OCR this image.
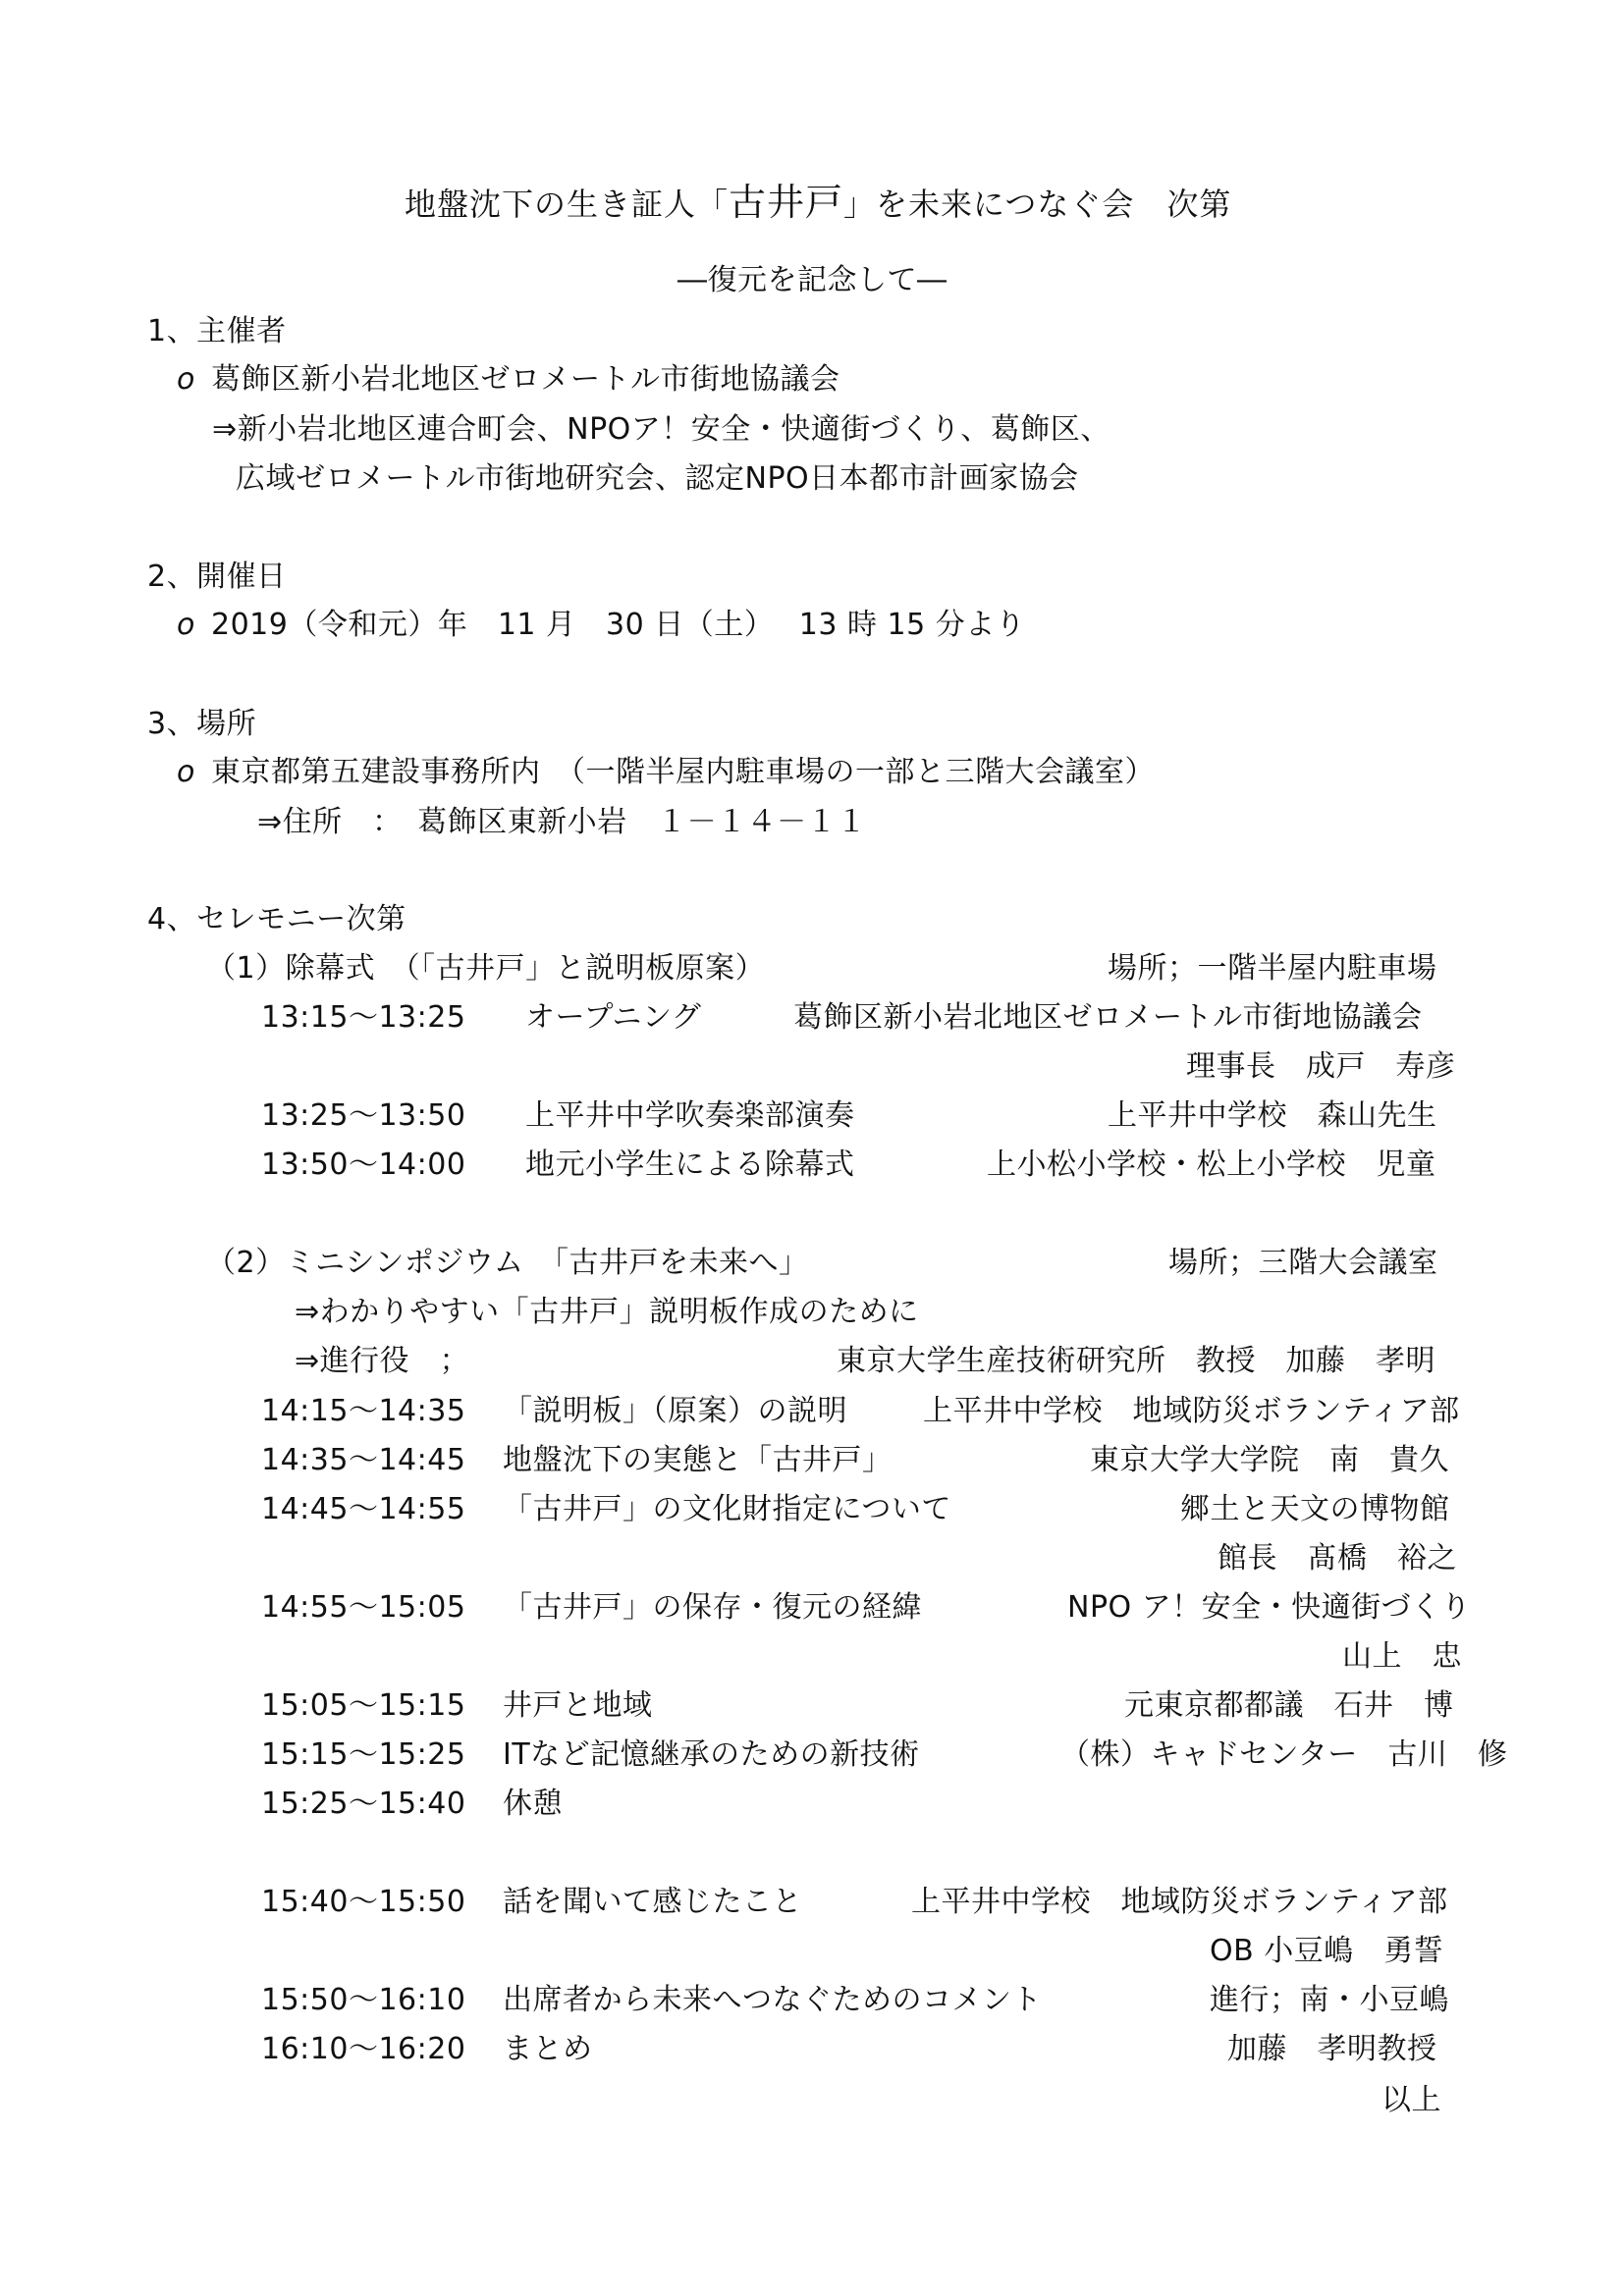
地盤沈下の生き証人「古井戸」を未来につなぐ会　次第
―復元を記念して―
1、主催者
o 葛飾区新小岩北地区ゼロメートル市街地協議会
⇒新小岩北地区連合町会、NPOア！安全・快適街づくり、葛飾区、
広域ゼロメートル市街地研究会、認定NPO日本都市計画家協会
2、開催日
o 2019（令和元）年　11 月　30 日（土）　 13 時 15 分より
3、場所
o 東京都第五建設事務所内　（一階半屋内駐車場の一部と三階大会議室）
⇒住所　：　葛飾区東新小岩　１－１４－１１
4、セレモニー次第
（1）除幕式　（「古井戸」と説明板原案）	場所；一階半屋内駐車場
13:15～13:25 オープニング	葛飾区新小岩北地区ゼロメートル市街地協議会
理事長　成戸　寿彦
13:25～13:50 上平井中学吹奏楽部演奏	上平井中学校　森山先生
13:50～14:00 地元小学生による除幕式	上小松小学校・松上小学校　児童
（2）ミニシンポジウム　「古井戸を未来へ」	場所；三階大会議室
⇒わかりやすい「古井戸」説明板作成のために
⇒進行役　；	東京大学生産技術研究所　教授　加藤　孝明
14:15～14:35 「説明板」（原案）の説明	上平井中学校　地域防災ボランティア部
14:35～14:45 地盤沈下の実態と「古井戸」	東京大学大学院　南　貴久
14:45～14:55 「古井戸」の文化財指定について	郷土と天文の博物館
館長　髙橋　裕之
14:55～15:05 「古井戸」の保存・復元の経緯	NPO ア！安全・快適街づくり
山上　忠
15:05～15:15 井戸と地域	元東京都都議　石井　博
15:15～15:25 ITなど記憶継承のための新技術	（株）キャドセンター　古川　修
15:25～15:40 休憩
15:40～15:50 話を聞いて感じたこと	上平井中学校　地域防災ボランティア部
OB 小豆嶋　勇誓
15:50～16:10 出席者から未来へつなぐためのコメント	進行；南・小豆嶋
16:10～16:20 まとめ	加藤　孝明教授
以上
